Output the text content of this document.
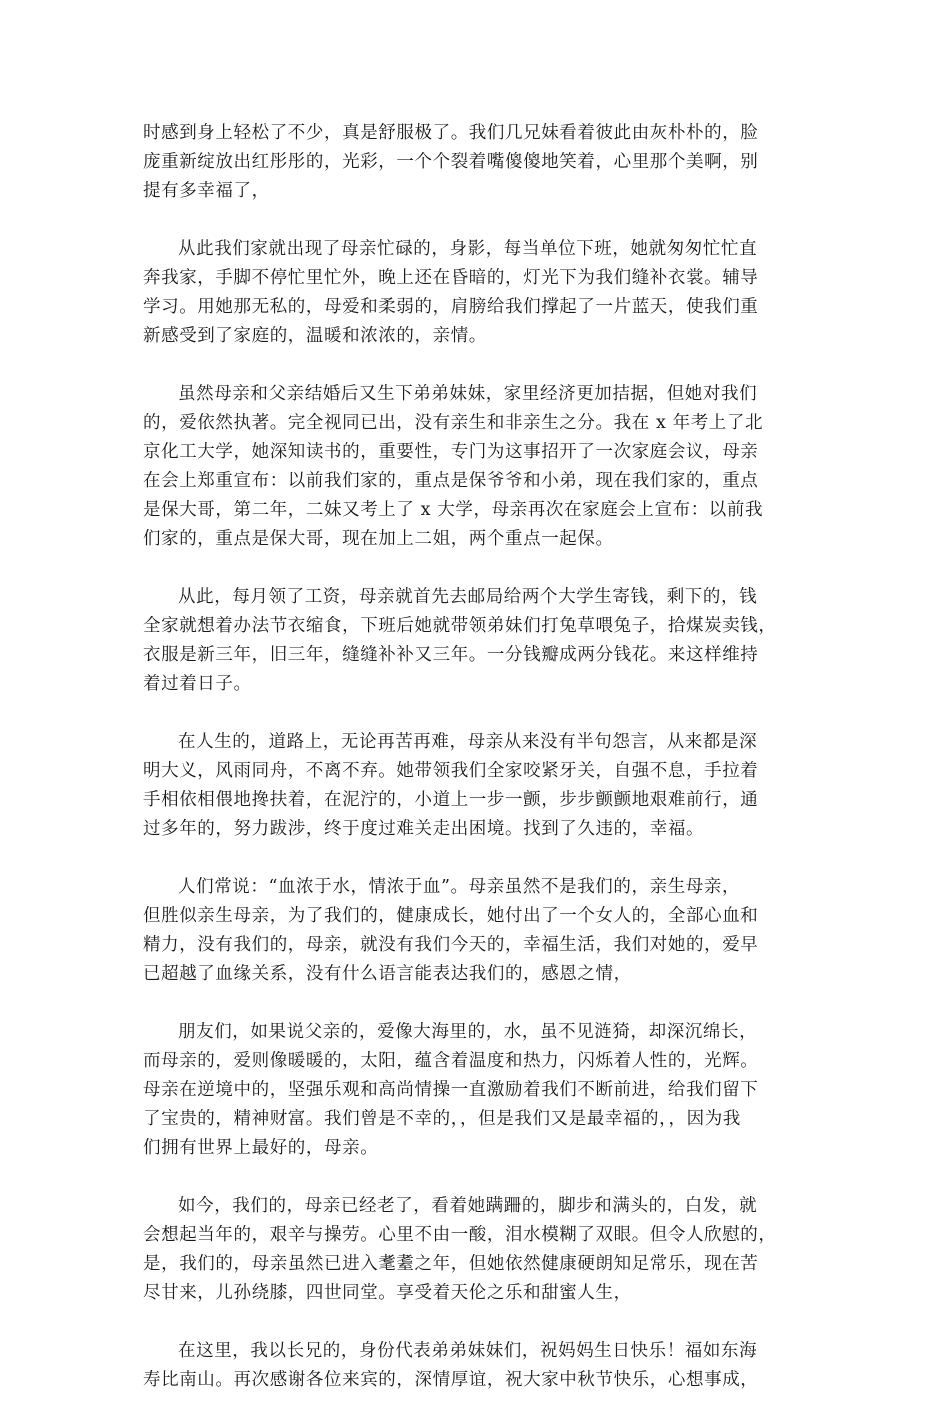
时感到身上轻松了不少，真是舒服极了。我们几兄妹看着彼此由灰朴朴的，脸
庞重新绽放出红彤彤的，光彩，一个个裂着嘴傻傻地笑着，心里那个美啊，别
提有多幸福了，

从此我们家就出现了母亲忙碌的，身影，每当单位下班，她就匆匆忙忙直
奔我家，手脚不停忙里忙外，晚上还在昏暗的，灯光下为我们缝补衣裳。辅导
学习。用她那无私的，母爱和柔弱的，肩膀给我们撑起了一片蓝天，使我们重
新感受到了家庭的，温暖和浓浓的，亲情。

虽然母亲和父亲结婚后又生下弟弟妹妹，家里经济更加拮据，但她对我们
的，爱依然执著。完全视同已出，没有亲生和非亲生之分。我在 x 年考上了北
京化工大学，她深知读书的，重要性，专门为这事招开了一次家庭会议，母亲
在会上郑重宣布：以前我们家的，重点是保爷爷和小弟，现在我们家的，重点
是保大哥，第二年，二妹又考上了 x 大学，母亲再次在家庭会上宣布：以前我
们家的，重点是保大哥，现在加上二姐，两个重点一起保。

从此，每月领了工资，母亲就首先去邮局给两个大学生寄钱，剩下的，钱
全家就想着办法节衣缩食，下班后她就带领弟妹们打兔草喂兔子，拾煤炭卖钱，
衣服是新三年，旧三年，缝缝补补又三年。一分钱瓣成两分钱花。来这样维持
着过着日子。

在人生的，道路上，无论再苦再难，母亲从来没有半句怨言，从来都是深
明大义，风雨同舟，不离不弃。她带领我们全家咬紧牙关，自强不息，手拉着
手相依相偎地搀扶着，在泥泞的，小道上一步一颤，步步颤颤地艰难前行，通
过多年的，努力跋涉，终于度过难关走出困境。找到了久违的，幸福。

人们常说：“血浓于水，情浓于血”。母亲虽然不是我们的，亲生母亲，
但胜似亲生母亲，为了我们的，健康成长，她付出了一个女人的，全部心血和
精力，没有我们的，母亲，就没有我们今天的，幸福生活，我们对她的，爱早
已超越了血缘关系，没有什么语言能表达我们的，感恩之情，

朋友们，如果说父亲的，爱像大海里的，水，虽不见涟猗，却深沉绵长，
而母亲的，爱则像暖暖的，太阳，蕴含着温度和热力，闪烁着人性的，光辉。
母亲在逆境中的，坚强乐观和高尚情操一直激励着我们不断前进，给我们留下
了宝贵的，精神财富。我们曾是不幸的，，但是我们又是最幸福的，，因为我
们拥有世界上最好的，母亲。

如今，我们的，母亲已经老了，看着她蹒跚的，脚步和满头的，白发，就
会想起当年的，艰辛与操劳。心里不由一酸，泪水模糊了双眼。但令人欣慰的，
是，我们的，母亲虽然已进入耄耋之年，但她依然健康硬朗知足常乐，现在苦
尽甘来，儿孙绕膝，四世同堂。享受着天伦之乐和甜蜜人生，

在这里，我以长兄的，身份代表弟弟妹妹们，祝妈妈生日快乐！福如东海
寿比南山。再次感谢各位来宾的，深情厚谊，祝大家中秋节快乐，心想事成，
